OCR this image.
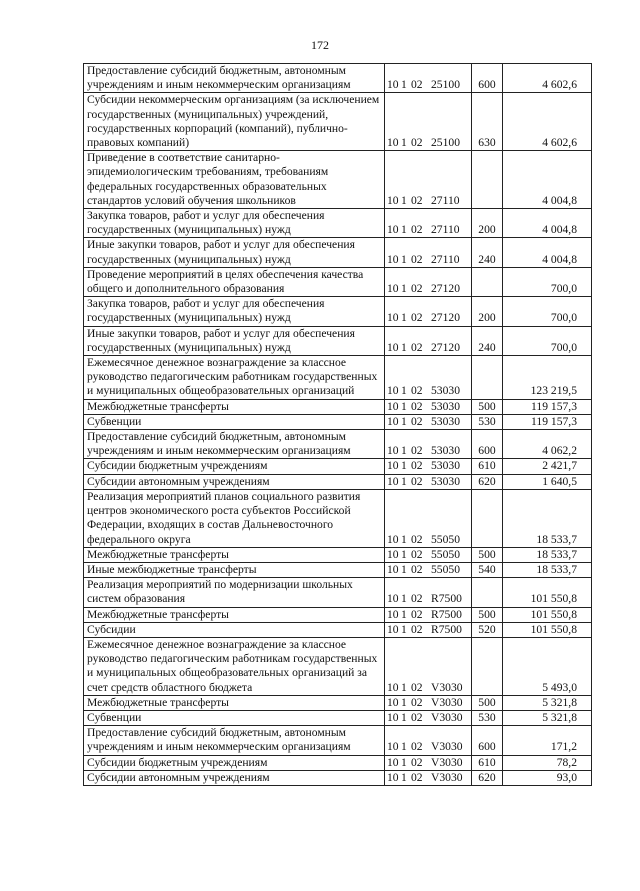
172
Предоставление субсидий бюджетным, автономным учреждениям и иным некоммерческим организациям	10 1 02 25100	600	4 602,6
Субсидии некоммерческим организациям (за исключением государственных (муниципальных) учреждений, государственных корпораций (компаний), публично-правовых компаний)	10 1 02 25100	630	4 602,6
Приведение в соответствие санитарно-эпидемиологическим требованиям, требованиям федеральных государственных образовательных стандартов условий обучения школьников	10 1 02 27110		4 004,8
Закупка товаров, работ и услуг для обеспечения государственных (муниципальных) нужд	10 1 02 27110	200	4 004,8
Иные закупки товаров, работ и услуг для обеспечения государственных (муниципальных) нужд	10 1 02 27110	240	4 004,8
Проведение мероприятий в целях обеспечения качества общего и дополнительного образования	10 1 02 27120		700,0
Закупка товаров, работ и услуг для обеспечения государственных (муниципальных) нужд	10 1 02 27120	200	700,0
Иные закупки товаров, работ и услуг для обеспечения государственных (муниципальных) нужд	10 1 02 27120	240	700,0
Ежемесячное денежное вознаграждение за классное руководство педагогическим работникам государственных и муниципальных общеобразовательных организаций	10 1 02 53030		123 219,5
Межбюджетные трансферты	10 1 02 53030	500	119 157,3
Субвенции	10 1 02 53030	530	119 157,3
Предоставление субсидий бюджетным, автономным учреждениям и иным некоммерческим организациям	10 1 02 53030	600	4 062,2
Субсидии бюджетным учреждениям	10 1 02 53030	610	2 421,7
Субсидии автономным учреждениям	10 1 02 53030	620	1 640,5
Реализация мероприятий планов социального развития центров экономического роста субъектов Российской Федерации, входящих в состав Дальневосточного федерального округа	10 1 02 55050		18 533,7
Межбюджетные трансферты	10 1 02 55050	500	18 533,7
Иные межбюджетные трансферты	10 1 02 55050	540	18 533,7
Реализация мероприятий по модернизации школьных систем образования	10 1 02 R7500		101 550,8
Межбюджетные трансферты	10 1 02 R7500	500	101 550,8
Субсидии	10 1 02 R7500	520	101 550,8
Ежемесячное денежное вознаграждение за классное руководство педагогическим работникам государственных и муниципальных общеобразовательных организаций за счет средств областного бюджета	10 1 02 V3030		5 493,0
Межбюджетные трансферты	10 1 02 V3030	500	5 321,8
Субвенции	10 1 02 V3030	530	5 321,8
Предоставление субсидий бюджетным, автономным учреждениям и иным некоммерческим организациям	10 1 02 V3030	600	171,2
Субсидии бюджетным учреждениям	10 1 02 V3030	610	78,2
Субсидии автономным учреждениям	10 1 02 V3030	620	93,0
